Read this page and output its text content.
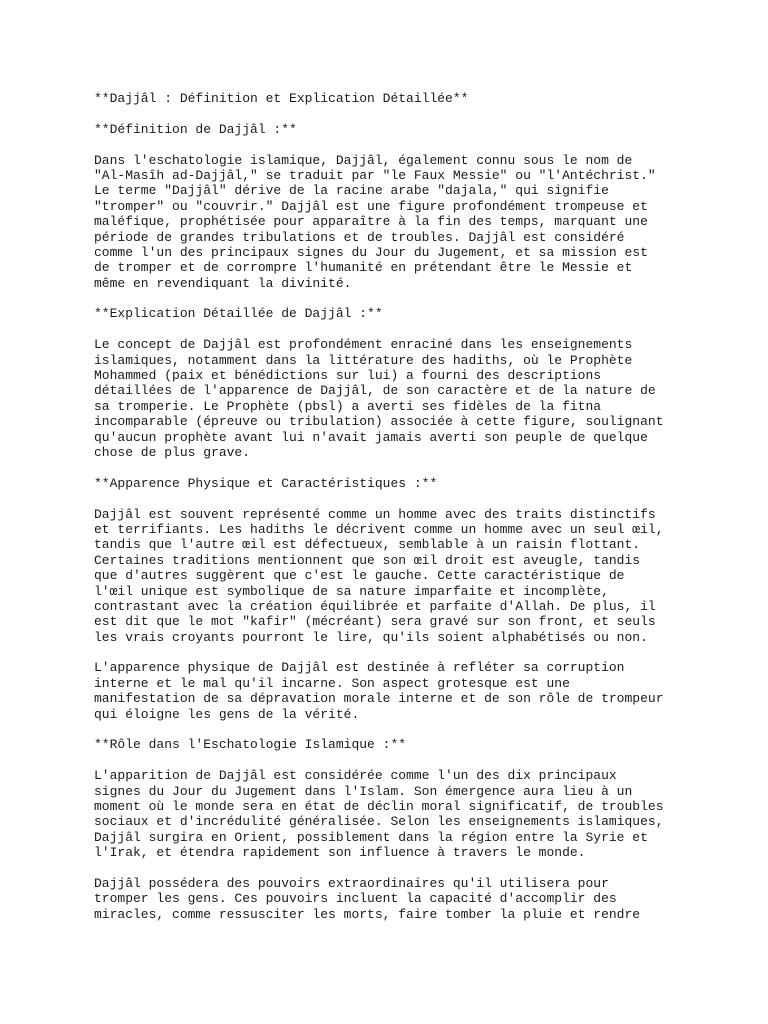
**Dajjâl : Définition et Explication Détaillée**
**Définition de Dajjâl :**
Dans l'eschatologie islamique, Dajjâl, également connu sous le nom de
"Al-Masîh ad-Dajjâl," se traduit par "le Faux Messie" ou "l'Antéchrist."
Le terme "Dajjâl" dérive de la racine arabe "dajala," qui signifie
"tromper" ou "couvrir." Dajjâl est une figure profondément trompeuse et
maléfique, prophétisée pour apparaître à la fin des temps, marquant une
période de grandes tribulations et de troubles. Dajjâl est considéré
comme l'un des principaux signes du Jour du Jugement, et sa mission est
de tromper et de corrompre l'humanité en prétendant être le Messie et
même en revendiquant la divinité.
**Explication Détaillée de Dajjâl :**
Le concept de Dajjâl est profondément enraciné dans les enseignements
islamiques, notamment dans la littérature des hadiths, où le Prophète
Mohammed (paix et bénédictions sur lui) a fourni des descriptions
détaillées de l'apparence de Dajjâl, de son caractère et de la nature de
sa tromperie. Le Prophète (pbsl) a averti ses fidèles de la fitna
incomparable (épreuve ou tribulation) associée à cette figure, soulignant
qu'aucun prophète avant lui n'avait jamais averti son peuple de quelque
chose de plus grave.
**Apparence Physique et Caractéristiques :**
Dajjâl est souvent représenté comme un homme avec des traits distinctifs
et terrifiants. Les hadiths le décrivent comme un homme avec un seul œil,
tandis que l'autre œil est défectueux, semblable à un raisin flottant.
Certaines traditions mentionnent que son œil droit est aveugle, tandis
que d'autres suggèrent que c'est le gauche. Cette caractéristique de
l'œil unique est symbolique de sa nature imparfaite et incomplète,
contrastant avec la création équilibrée et parfaite d'Allah. De plus, il
est dit que le mot "kafir" (mécréant) sera gravé sur son front, et seuls
les vrais croyants pourront le lire, qu'ils soient alphabétisés ou non.
L'apparence physique de Dajjâl est destinée à refléter sa corruption
interne et le mal qu'il incarne. Son aspect grotesque est une
manifestation de sa dépravation morale interne et de son rôle de trompeur
qui éloigne les gens de la vérité.
**Rôle dans l'Eschatologie Islamique :**
L'apparition de Dajjâl est considérée comme l'un des dix principaux
signes du Jour du Jugement dans l'Islam. Son émergence aura lieu à un
moment où le monde sera en état de déclin moral significatif, de troubles
sociaux et d'incrédulité généralisée. Selon les enseignements islamiques,
Dajjâl surgira en Orient, possiblement dans la région entre la Syrie et
l'Irak, et étendra rapidement son influence à travers le monde.
Dajjâl possédera des pouvoirs extraordinaires qu'il utilisera pour
tromper les gens. Ces pouvoirs incluent la capacité d'accomplir des
miracles, comme ressusciter les morts, faire tomber la pluie et rendre
